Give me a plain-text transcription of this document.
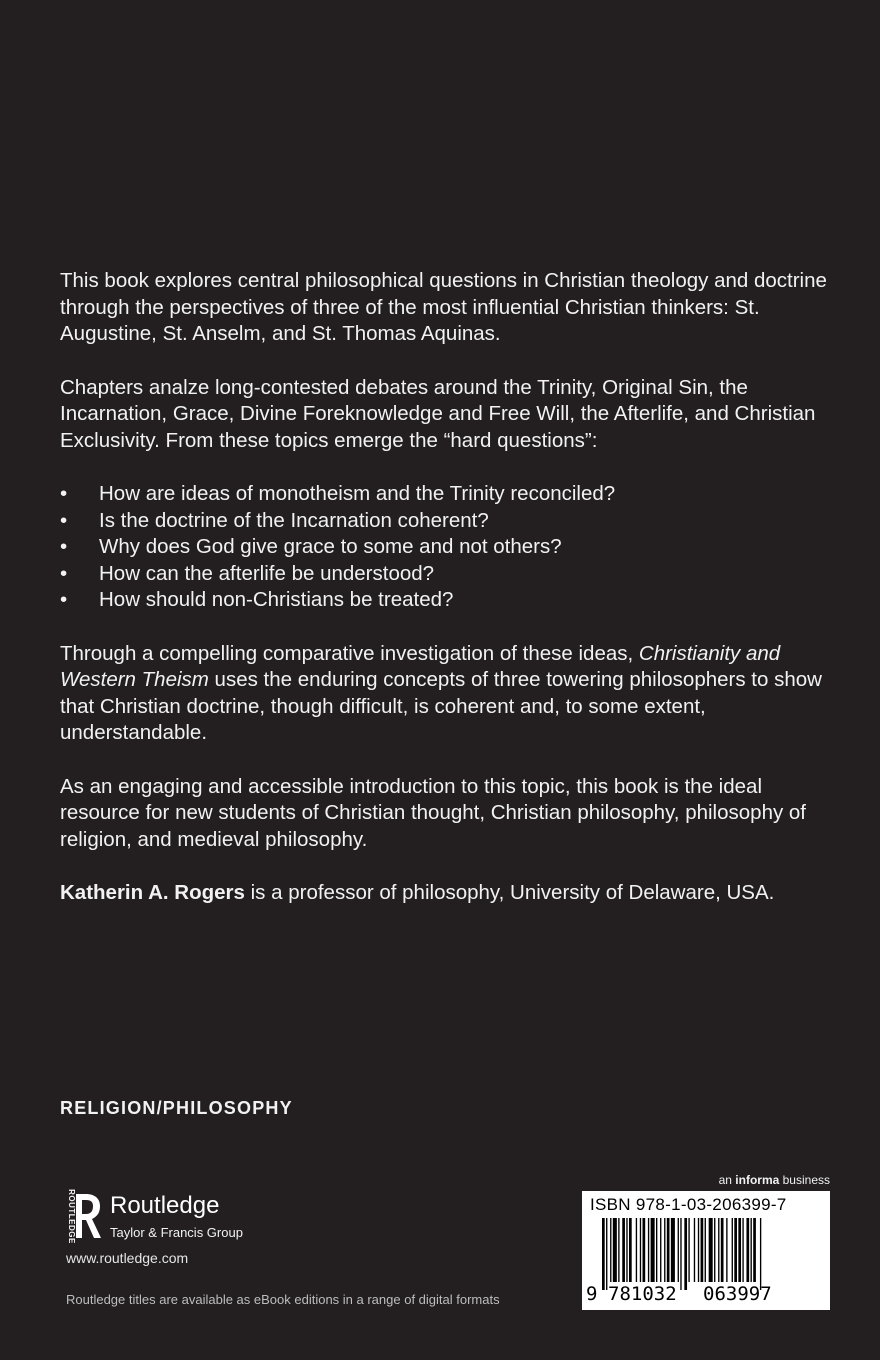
This book explores central philosophical questions in Christian theology and doctrine through the perspectives of three of the most influential Christian thinkers: St. Augustine, St. Anselm, and St. Thomas Aquinas.

Chapters analze long-contested debates around the Trinity, Original Sin, the Incarnation, Grace, Divine Foreknowledge and Free Will, the Afterlife, and Christian Exclusivity. From these topics emerge the “hard questions”:

• How are ideas of monotheism and the Trinity reconciled?
• Is the doctrine of the Incarnation coherent?
• Why does God give grace to some and not others?
• How can the afterlife be understood?
• How should non-Christians be treated?

Through a compelling comparative investigation of these ideas, Christianity and Western Theism uses the enduring concepts of three towering philosophers to show that Christian doctrine, though difficult, is coherent and, to some extent, understandable.

As an engaging and accessible introduction to this topic, this book is the ideal resource for new students of Christian thought, Christian philosophy, philosophy of religion, and medieval philosophy.

Katherin A. Rogers is a professor of philosophy, University of Delaware, USA.

RELIGION/PHILOSOPHY
ROUTLEDGE Routledge
Taylor & Francis Group
www.routledge.com
Routledge titles are available as eBook editions in a range of digital formats
an informa business
ISBN 978-1-03-206399-7
9 781032 063997
